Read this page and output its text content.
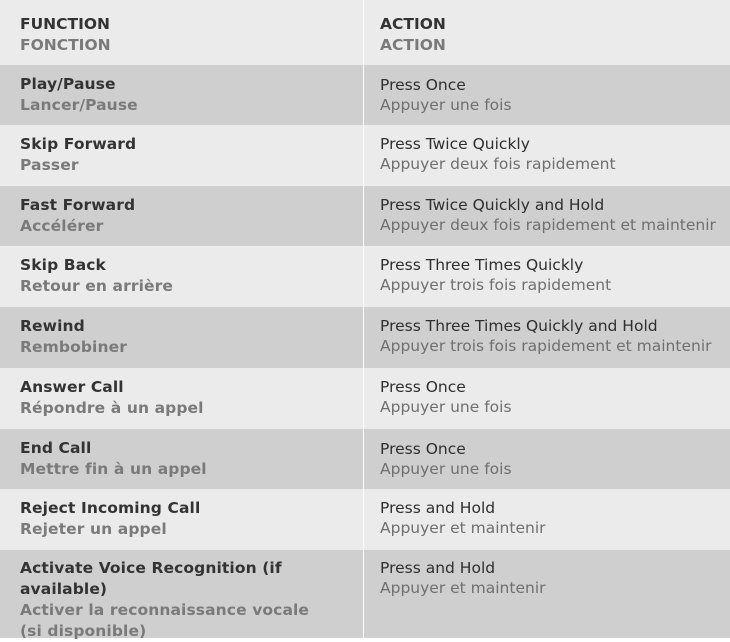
FUNCTION
FONCTION
ACTION
ACTION
Play/Pause
Lancer/Pause
Press Once
Appuyer une fois
Skip Forward
Passer
Press Twice Quickly
Appuyer deux fois rapidement
Fast Forward
Accélérer
Press Twice Quickly and Hold
Appuyer deux fois rapidement et maintenir
Skip Back
Retour en arrière
Press Three Times Quickly
Appuyer trois fois rapidement
Rewind
Rembobiner
Press Three Times Quickly and Hold
Appuyer trois fois rapidement et maintenir
Answer Call
Répondre à un appel
Press Once
Appuyer une fois
End Call
Mettre fin à un appel
Press Once
Appuyer une fois
Reject Incoming Call
Rejeter un appel
Press and Hold
Appuyer et maintenir
Activate Voice Recognition (if available)
Activer la reconnaissance vocale
(si disponible)
Press and Hold
Appuyer et maintenir
